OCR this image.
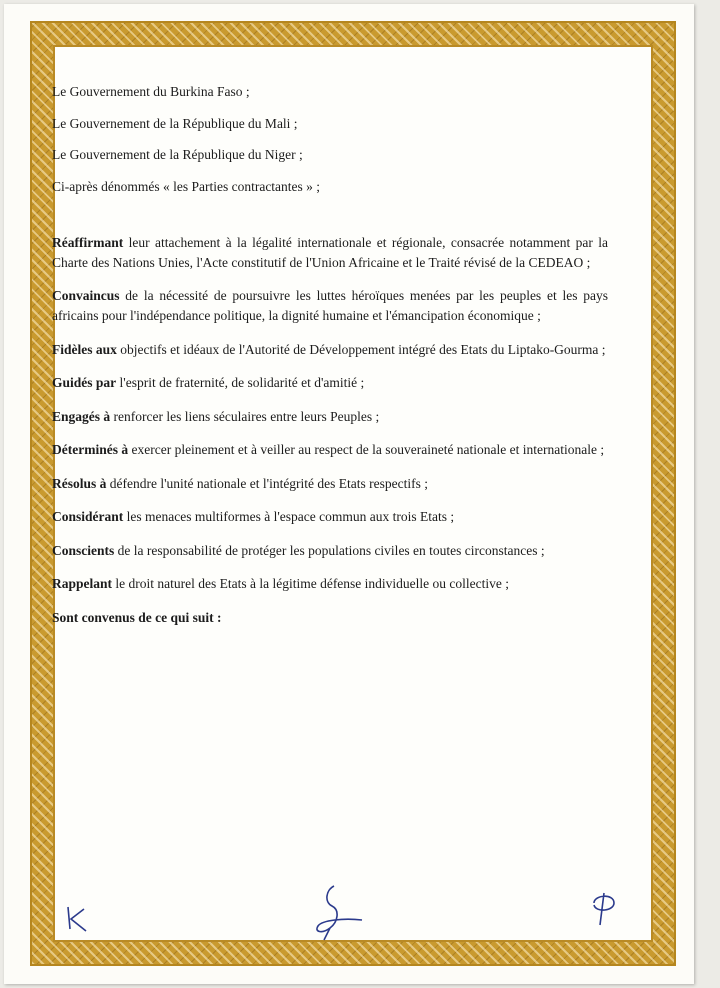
Le Gouvernement du Burkina Faso ;

Le Gouvernement de la République du Mali ;

Le Gouvernement de la République du Niger ;

Ci-après dénommés « les Parties contractantes » ;

Réaffirmant leur attachement à la légalité internationale et régionale, consacrée notamment par la Charte des Nations Unies, l'Acte constitutif de l'Union Africaine et le Traité révisé de la CEDEAO ;

Convaincus de la nécessité de poursuivre les luttes héroïques menées par les peuples et les pays africains pour l'indépendance politique, la dignité humaine et l'émancipation économique ;

Fidèles aux objectifs et idéaux de l'Autorité de Développement intégré des Etats du Liptako-Gourma ;

Guidés par l'esprit de fraternité, de solidarité et d'amitié ;

Engagés à renforcer les liens séculaires entre leurs Peuples ;

Déterminés à exercer pleinement et à veiller au respect de la souveraineté nationale et internationale ;

Résolus à défendre l'unité nationale et l'intégrité des Etats respectifs ;

Considérant les menaces multiformes à l'espace commun aux trois Etats ;

Conscients de la responsabilité de protéger les populations civiles en toutes circonstances ;

Rappelant le droit naturel des Etats à la légitime défense individuelle ou collective ;

Sont convenus de ce qui suit :
